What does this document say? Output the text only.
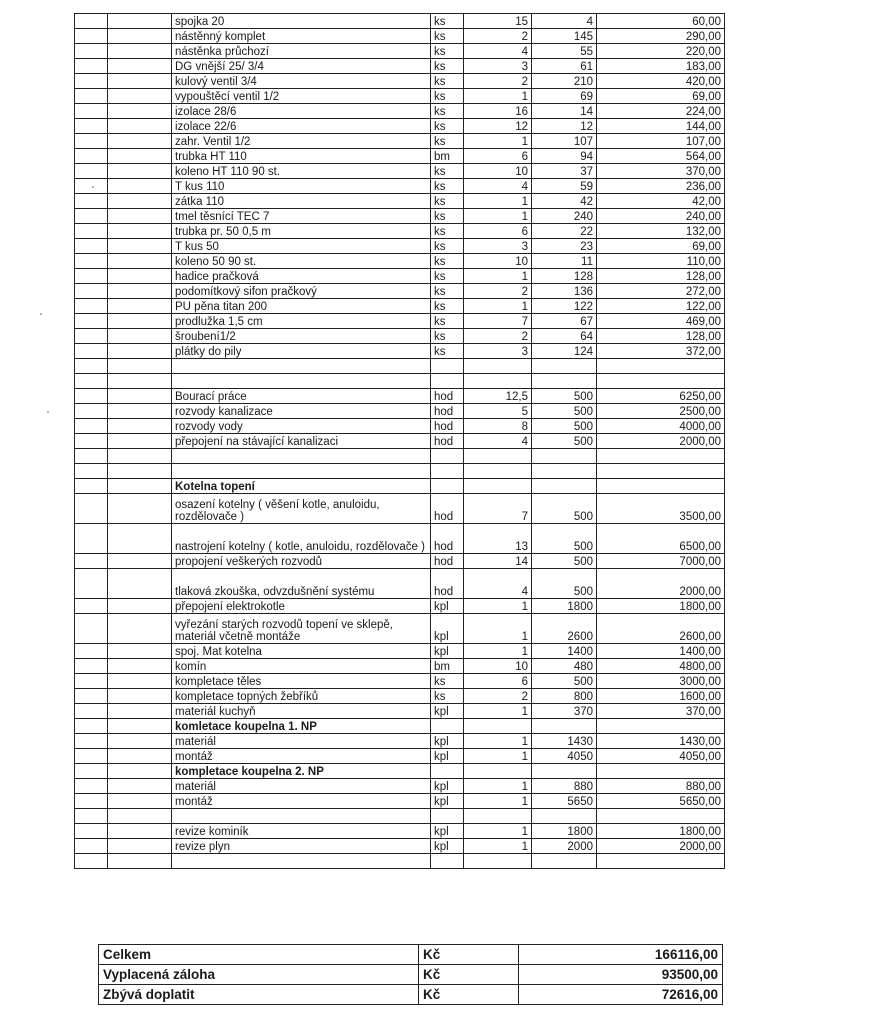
		spojka 20	ks	15	4	60,00
		nástěnný komplet	ks	2	145	290,00
		nástěnka průchozí	ks	4	55	220,00
		DG vnější 25/ 3/4	ks	3	61	183,00
		kulový ventil 3/4	ks	2	210	420,00
		vypouštěcí ventil 1/2	ks	1	69	69,00
		izolace 28/6	ks	16	14	224,00
		izolace 22/6	ks	12	12	144,00
		zahr. Ventil 1/2	ks	1	107	107,00
		trubka HT 110	bm	6	94	564,00
		koleno HT 110 90 st.	ks	10	37	370,00
		T kus 110	ks	4	59	236,00
		zátka 110	ks	1	42	42,00
		tmel těsnící TEC 7	ks	1	240	240,00
		trubka pr. 50 0,5 m	ks	6	22	132,00
		T kus 50	ks	3	23	69,00
		koleno 50 90 st.	ks	10	11	110,00
		hadice pračková	ks	1	128	128,00
		podomítkový sifon pračkový	ks	2	136	272,00
		PU pěna titan 200	ks	1	122	122,00
		prodlužka 1,5 cm	ks	7	67	469,00
		šroubení1/2	ks	2	64	128,00
		plátky do pily	ks	3	124	372,00

		Bourací práce	hod	12,5	500	6250,00
		rozvody kanalizace	hod	5	500	2500,00
		rozvody vody	hod	8	500	4000,00
		přepojení na stávající kanalizaci	hod	4	500	2000,00

		Kotelna topení				
		osazení kotelny ( věšení kotle, anuloidu, rozdělovače )	hod	7	500	3500,00
		nastrojení kotelny ( kotle, anuloidu, rozdělovače )	hod	13	500	6500,00
		propojení veškerých rozvodů	hod	14	500	7000,00
		tlaková zkouška, odvzdušnění systému	hod	4	500	2000,00
		přepojení elektrokotle	kpl	1	1800	1800,00
		vyřezání starých rozvodů topení ve sklepě, materiál včetně montáže	kpl	1	2600	2600,00
		spoj. Mat kotelna	kpl	1	1400	1400,00
		komín	bm	10	480	4800,00
		kompletace těles	ks	6	500	3000,00
		kompletace topných žebříků	ks	2	800	1600,00
		materiál kuchyň	kpl	1	370	370,00
		komletace koupelna 1. NP				
		materiál	kpl	1	1430	1430,00
		montáž	kpl	1	4050	4050,00
		kompletace koupelna 2. NP				
		materiál	kpl	1	880	880,00
		montáž	kpl	1	5650	5650,00

		revize kominík	kpl	1	1800	1800,00
		revize plyn	kpl	1	2000	2000,00

Celkem	Kč	166116,00
Vyplacená záloha	Kč	93500,00
Zbývá doplatit	Kč	72616,00
